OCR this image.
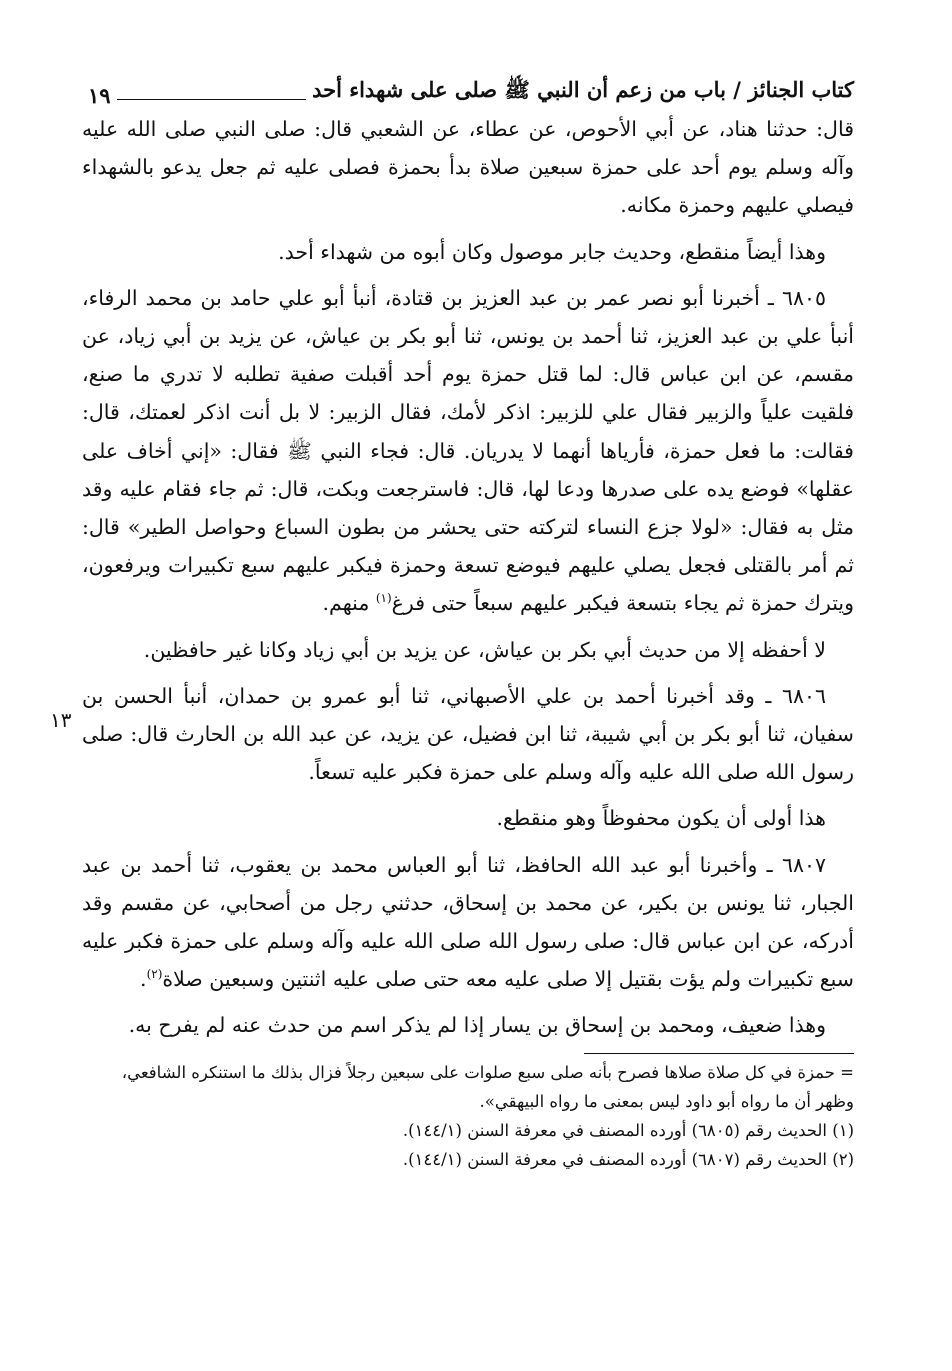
كتاب الجنائز / باب من زعم أن النبي ﷺ صلى على شهداء أحد
١٩
١٣

قال: حدثنا هناد، عن أبي الأحوص، عن عطاء، عن الشعبي قال: صلى النبي صلى الله عليه وآله وسلم يوم أحد على حمزة سبعين صلاة بدأ بحمزة فصلى عليه ثم جعل يدعو بالشهداء فيصلي عليهم وحمزة مكانه.

وهذا أيضاً منقطع، وحديث جابر موصول وكان أبوه من شهداء أحد.

٦٨٠٥ ـ أخبرنا أبو نصر عمر بن عبد العزيز بن قتادة، أنبأ أبو علي حامد بن محمد الرفاء، أنبأ علي بن عبد العزيز، ثنا أحمد بن يونس، ثنا أبو بكر بن عياش، عن يزيد بن أبي زياد، عن مقسم، عن ابن عباس قال: لما قتل حمزة يوم أحد أقبلت صفية تطلبه لا تدري ما صنع، فلقيت علياً والزبير فقال علي للزبير: اذكر لأمك، فقال الزبير: لا بل أنت اذكر لعمتك، قال: فقالت: ما فعل حمزة، فأرياها أنهما لا يدريان. قال: فجاء النبي ﷺ فقال: «إني أخاف على عقلها» فوضع يده على صدرها ودعا لها، قال: فاسترجعت وبكت، قال: ثم جاء فقام عليه وقد مثل به فقال: «لولا جزع النساء لتركته حتى يحشر من بطون السباع وحواصل الطير» قال: ثم أمر بالقتلى فجعل يصلي عليهم فيوضع تسعة وحمزة فيكبر عليهم سبع تكبيرات ويرفعون، ويترك حمزة ثم يجاء بتسعة فيكبر عليهم سبعاً حتى فرغ$^{(١)}$ منهم.

لا أحفظه إلا من حديث أبي بكر بن عياش، عن يزيد بن أبي زياد وكانا غير حافظين.

٦٨٠٦ ـ وقد أخبرنا أحمد بن علي الأصبهاني، ثنا أبو عمرو بن حمدان، أنبأ الحسن بن سفيان، ثنا أبو بكر بن أبي شيبة، ثنا ابن فضيل، عن يزيد، عن عبد الله بن الحارث قال: صلى رسول الله صلى الله عليه وآله وسلم على حمزة فكبر عليه تسعاً.

هذا أولى أن يكون محفوظاً وهو منقطع.

٦٨٠٧ ـ وأخبرنا أبو عبد الله الحافظ، ثنا أبو العباس محمد بن يعقوب، ثنا أحمد بن عبد الجبار، ثنا يونس بن بكير، عن محمد بن إسحاق، حدثني رجل من أصحابي، عن مقسم وقد أدركه، عن ابن عباس قال: صلى رسول الله صلى الله عليه وآله وسلم على حمزة فكبر عليه سبع تكبيرات ولم يؤت بقتيل إلا صلى عليه معه حتى صلى عليه اثنتين وسبعين صلاة$^{(٢)}$.

وهذا ضعيف، ومحمد بن إسحاق بن يسار إذا لم يذكر اسم من حدث عنه لم يفرح به.

= حمزة في كل صلاة صلاها فصرح بأنه صلى سبع صلوات على سبعين رجلاً فزال بذلك ما استنكره الشافعي، وظهر أن ما رواه أبو داود ليس بمعنى ما رواه البيهقي».
(١) الحديث رقم (٦٨٠٥) أورده المصنف في معرفة السنن (١٤٤/١).
(٢) الحديث رقم (٦٨٠٧) أورده المصنف في معرفة السنن (١٤٤/١).
